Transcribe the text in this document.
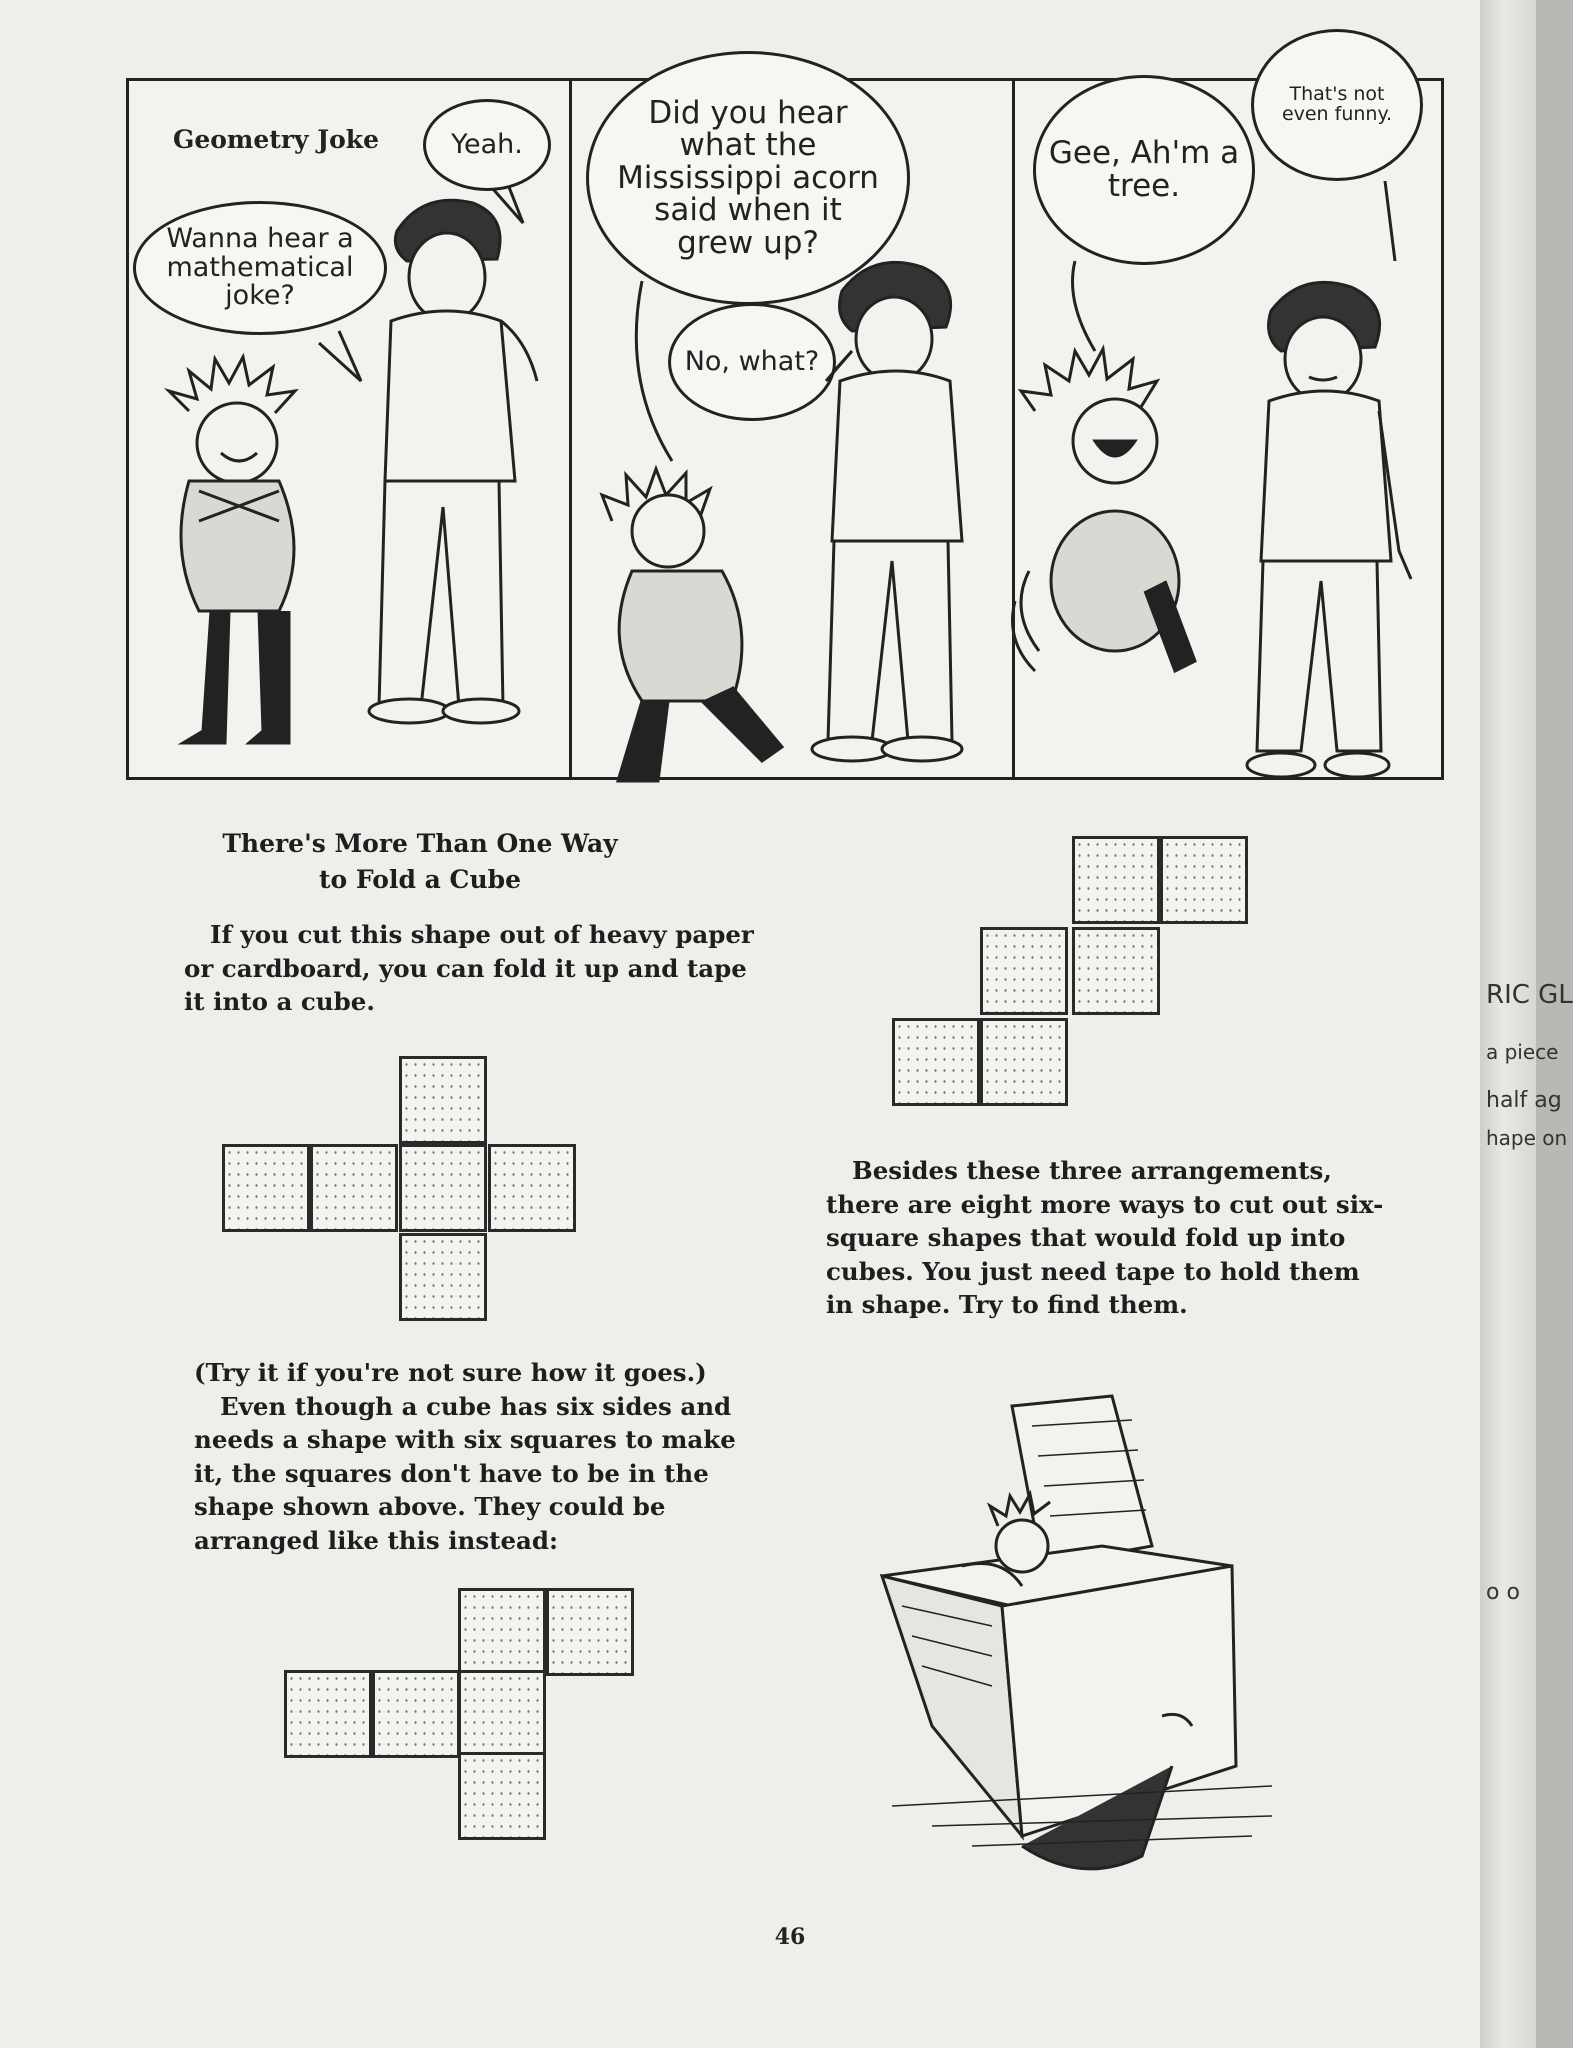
Geometry Joke
Wanna hear a mathematical joke?
Yeah.
Did you hear what the Mississippi acorn said when it grew up?
No, what?
Gee, Ah'm a tree.
That's not even funny.
There's More Than One Way
to Fold a Cube

If you cut this shape out of heavy paper or cardboard, you can fold it up and tape it into a cube.

(Try it if you're not sure how it goes.)

Even though a cube has six sides and needs a shape with six squares to make it, the squares don't have to be in the shape shown above. They could be arranged like this instead:

Besides these three arrangements, there are eight more ways to cut out six-square shapes that would fold up into cubes. You just need tape to hold them in shape. Try to find them.

46
RIC GL
a piece
half ag
hape on
o o
